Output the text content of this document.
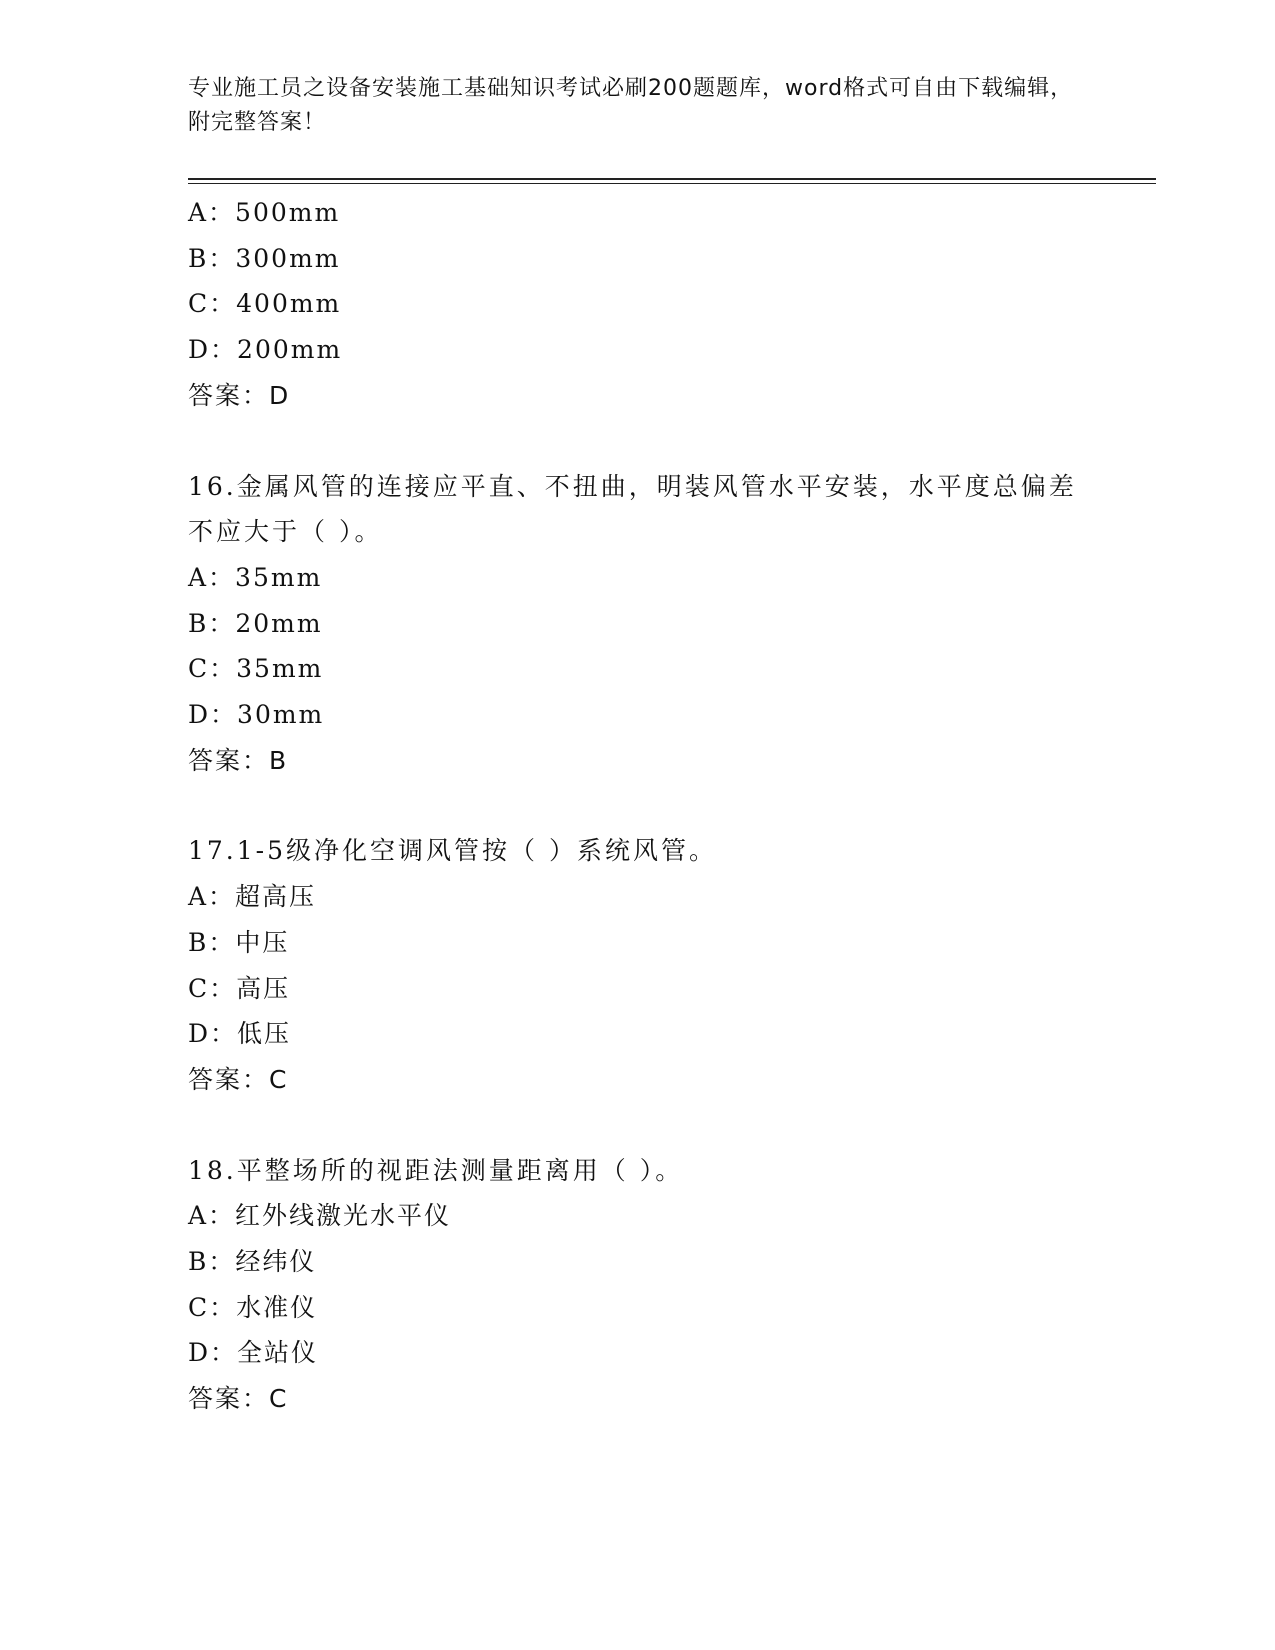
专业施工员之设备安装施工基础知识考试必刷200题题库，word格式可自由下载编辑，附完整答案！
A：500mm
B：300mm
C：400mm
D：200mm
答案：D
16.金属风管的连接应平直、不扭曲，明装风管水平安装，水平度总偏差不应大于（ ）。
A：35mm
B：20mm
C：35mm
D：30mm
答案：B
17.1-5级净化空调风管按（ ）系统风管。
A：超高压
B：中压
C：高压
D：低压
答案：C
18.平整场所的视距法测量距离用（ ）。
A：红外线激光水平仪
B：经纬仪
C：水准仪
D：全站仪
答案：C
